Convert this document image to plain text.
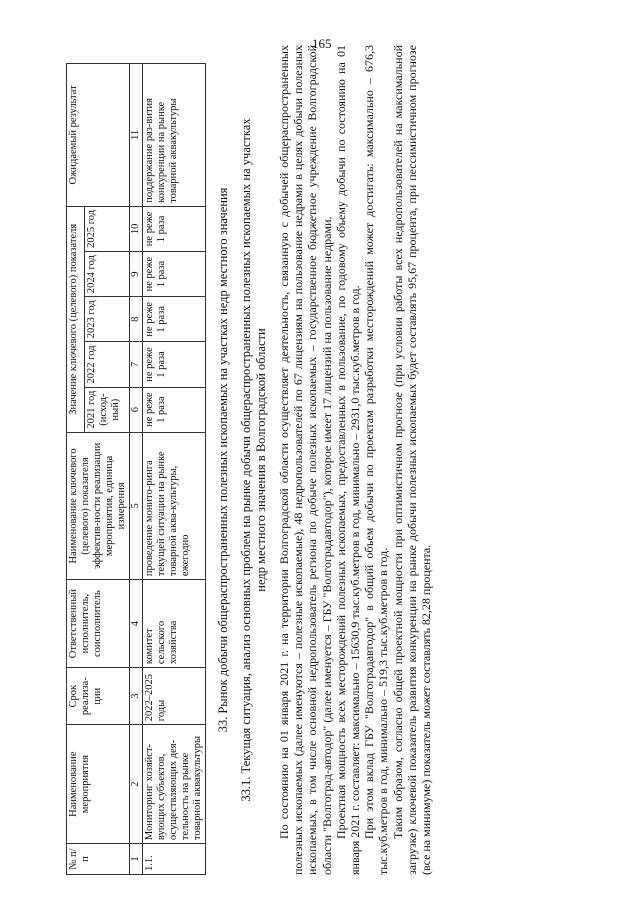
165
№ п/п	Наименование мероприятия	Срок реализа-ции	Ответственный исполнитель, соисполнитель	Наименование ключевого (целевого) показателя эффектив-ности реализации мероприятия, единица измерения	Значение ключевого (целевого) показателя					Ожидаемый результат
					2021 год (исход-ный)	2022 год	2023 год	2024 год	2025 год	
1	2	3	4	5	6	7	8	9	10	11
1.1.	Мониторинг хозяйст-вующих субъектов, осуществляющих дея-тельность на рынке товарной аквакультуры	2022–2025 годы	комитет сельского хозяйства	проведение монито-ринга текущей ситуации на рынке товарной аква-культуры, ежегодно	не реже 1 раза	не реже 1 раза	не реже 1 раза	не реже 1 раза	не реже 1 раза	поддержание раз-вития конкуренции на рынке товарной аквакультуры
33. Рынок добычи общераспространенных полезных ископаемых на участках недр местного значения 33.1. Текущая ситуация, анализ основных проблем на рынке добычи общераспространенных полезных ископаемых на участках недр местного значения в Волгоградской области По состоянию на 01 января 2021 г. на территории Волгоградской области осуществляет деятельность, связанную с добычей общераспространенных полезных ископаемых (далее именуются – полезные ископаемые), 48 недропользователей по 67 лицензиям на пользование недрами в целях добычи полезных ископаемых, в том числе основной недропользователь региона по добыче полезных ископаемых – государственное бюджетное учреждение Волгоградской области "Волгоград-автодор" (далее именуется – ГБУ "Волгоградавтодор"), которое имеет 17 лицензий на пользование недрами. Проектная мощность всех месторождений полезных ископаемых, предоставленных в пользование, по годовому объему добычи по состоянию на 01 января 2021 г. составляет: максимально – 15630,9 тыс.куб.метров в год, минимально – 2931,0 тыс.куб.метров в год. При этом вклад ГБУ "Волгоградавтодор" в общий объем добычи по проектам разработки месторождений может достигать: максимально – 676,3 тыс.куб.метров в год, минимально – 519,3 тыс.куб.метров в год. Таким образом, согласно общей проектной мощности при оптимистичном прогнозе (при условии работы всех недропользователей на максимальной загрузке) ключевой показатель развития конкуренции на рынке добычи полезных ископаемых будет составлять 95,67 процента, при пессимистичном прогнозе (все на минимуме) показатель может составлять 82,28 процента.
